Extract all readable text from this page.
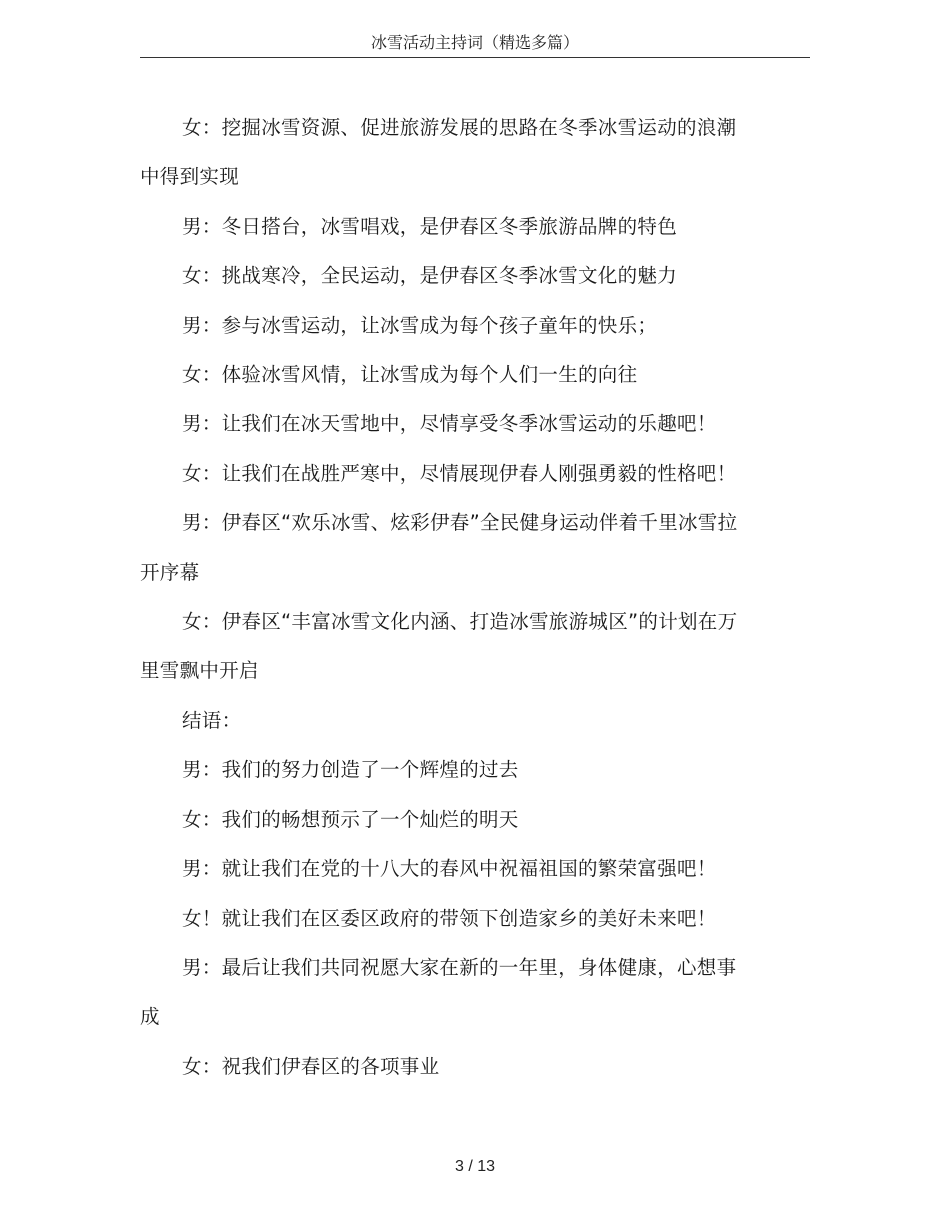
冰雪活动主持词（精选多篇）

女：挖掘冰雪资源、促进旅游发展的思路在冬季冰雪运动的浪潮中得到实现

男：冬日搭台，冰雪唱戏，是伊春区冬季旅游品牌的特色

女：挑战寒冷，全民运动，是伊春区冬季冰雪文化的魅力

男：参与冰雪运动，让冰雪成为每个孩子童年的快乐；

女：体验冰雪风情，让冰雪成为每个人们一生的向往

男：让我们在冰天雪地中，尽情享受冬季冰雪运动的乐趣吧！

女：让我们在战胜严寒中，尽情展现伊春人刚强勇毅的性格吧！

男：伊春区“欢乐冰雪、炫彩伊春”全民健身运动伴着千里冰雪拉开序幕

女：伊春区“丰富冰雪文化内涵、打造冰雪旅游城区”的计划在万里雪飘中开启

结语：

男：我们的努力创造了一个辉煌的过去

女：我们的畅想预示了一个灿烂的明天

男：就让我们在党的十八大的春风中祝福祖国的繁荣富强吧！

女！就让我们在区委区政府的带领下创造家乡的美好未来吧！

男：最后让我们共同祝愿大家在新的一年里，身体健康，心想事成

女：祝我们伊春区的各项事业

3 / 13
